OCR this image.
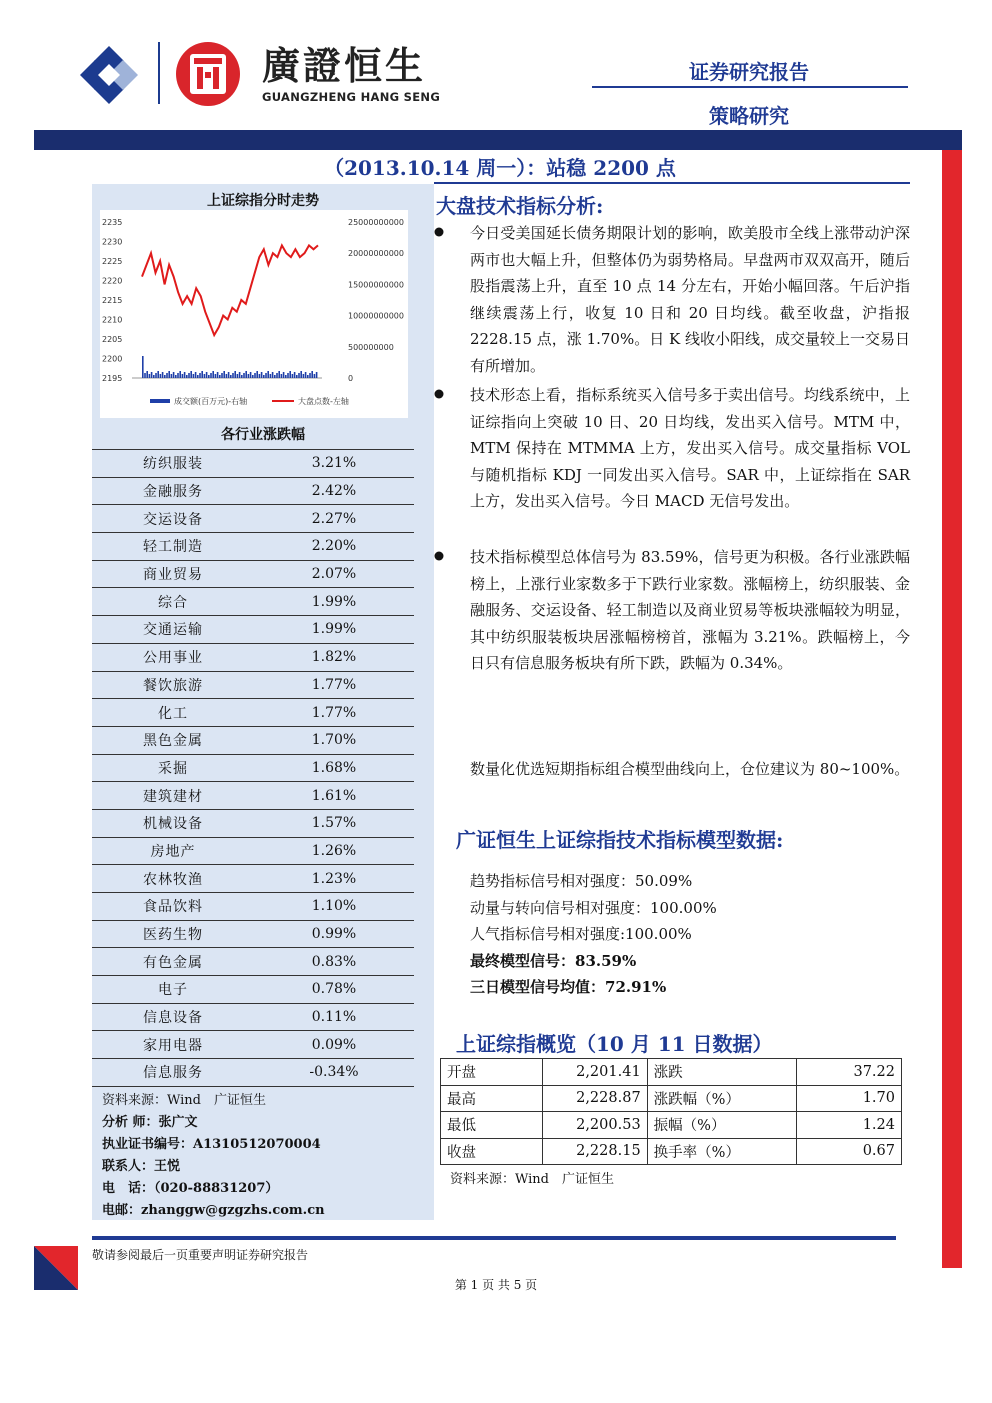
廣證恒生
GUANGZHENG HANG SENG
证券研究报告
策略研究
（2013.10.14 周一）：站稳 2200 点
上证综指分时走势
2235
2230
2225
2220
2215
2210
2205
2200
2195
25000000000
20000000000
15000000000
10000000000
500000000
0
成交额(百万元)-右轴	大盘点数-左轴
各行业涨跌幅
纺织服装	3.21%
金融服务	2.42%
交运设备	2.27%
轻工制造	2.20%
商业贸易	2.07%
综合	1.99%
交通运输	1.99%
公用事业	1.82%
餐饮旅游	1.77%
化工	1.77%
黑色金属	1.70%
采掘	1.68%
建筑建材	1.61%
机械设备	1.57%
房地产	1.26%
农林牧渔	1.23%
食品饮料	1.10%
医药生物	0.99%
有色金属	0.83%
电子	0.78%
信息设备	0.11%
家用电器	0.09%
信息服务	-0.34%
资料来源：Wind　广证恒生
分析 师：张广文
执业证书编号：A1310512070004
联系人：王悦
电　话：（020-88831207）
电邮：zhanggw@gzgzhs.com.cn
大盘技术指标分析:
今日受美国延长债务期限计划的影响，欧美股市全线上涨带动沪深两市也大幅上升，但整体仍为弱势格局。早盘两市双双高开，随后股指震荡上升，直至 10 点 14 分左右，开始小幅回落。午后沪指继续震荡上行，收复 10 日和 20 日均线。截至收盘，沪指报 2228.15 点，涨 1.70%。日 K 线收小阳线，成交量较上一交易日有所增加。
技术形态上看，指标系统买入信号多于卖出信号。均线系统中，上证综指向上突破 10 日、20 日均线，发出买入信号。MTM 中，MTM 保持在 MTMMA 上方，发出买入信号。成交量指标 VOL 与随机指标 KDJ 一同发出买入信号。SAR 中，上证综指在 SAR 上方，发出买入信号。今日 MACD 无信号发出。
技术指标模型总体信号为 83.59%，信号更为积极。各行业涨跌幅榜上，上涨行业家数多于下跌行业家数。涨幅榜上，纺织服装、金融服务、交运设备、轻工制造以及商业贸易等板块涨幅较为明显，其中纺织服装板块居涨幅榜榜首，涨幅为 3.21%。跌幅榜上，今日只有信息服务板块有所下跌，跌幅为 0.34%。
数量化优选短期指标组合模型曲线向上，仓位建议为 80~100%。
广证恒生上证综指技术指标模型数据:

趋势指标信号相对强度：50.09%

动量与转向信号相对强度：100.00%

人气指标信号相对强度:100.00%

最终模型信号：83.59%

三日模型信号均值：72.91%

上证综指概览（10 月 11 日数据）
开盘	2,201.41	涨跌	37.22
最高	2,228.87	涨跌幅（%）	1.70
最低	2,200.53	振幅（%）	1.24
收盘	2,228.15	换手率（%）	0.67
资料来源：Wind　广证恒生
敬请参阅最后一页重要声明证券研究报告
第 1 页 共 5 页
